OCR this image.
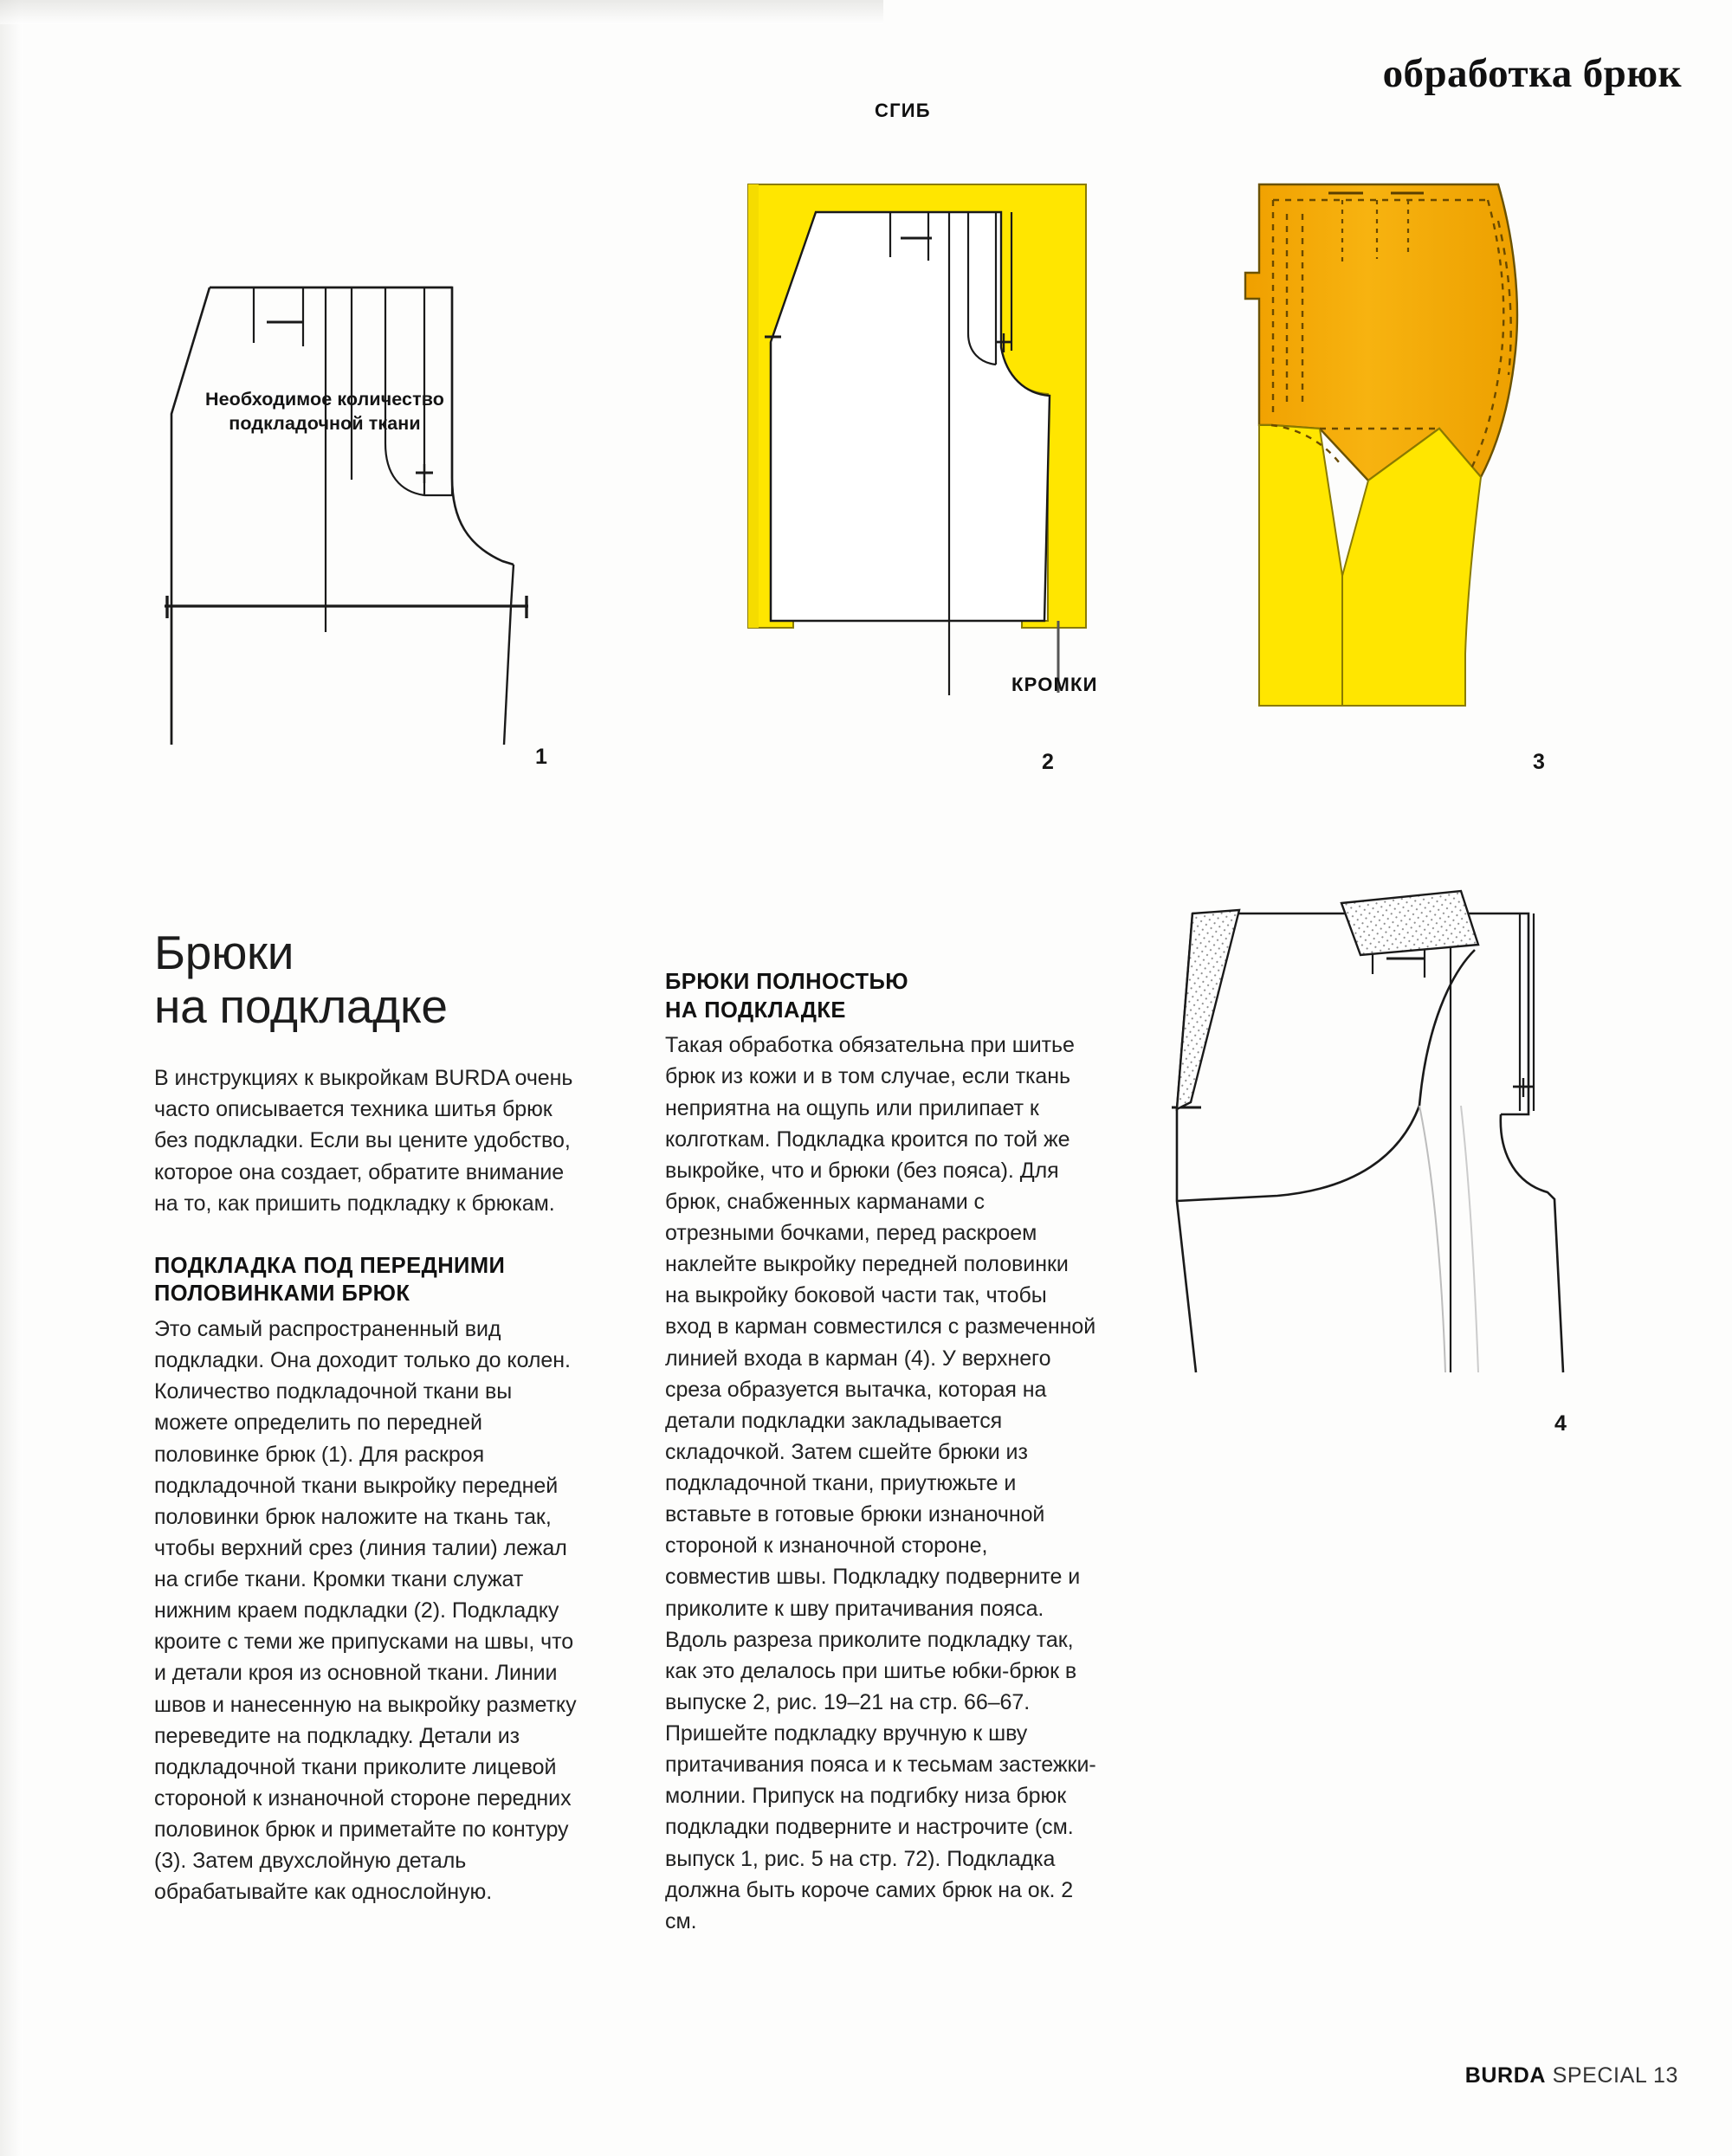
обработка брюк
Необходимое количество
подкладочной ткани
1
СГИБ
КРОМКИ
2	3
4
Брюки
на подкладке

В инструкциях к выкройкам BURDA очень часто описывается техника шитья брюк без подкладки. Если вы цените удобство, которое она создает, обратите внимание на то, как пришить подкладку к брюкам.

ПОДКЛАДКА ПОД ПЕРЕДНИМИ
ПОЛОВИНКАМИ БРЮК

Это самый распространенный вид подкладки. Она доходит только до колен. Количество подкладочной ткани вы можете определить по передней половинке брюк (1). Для раскроя подкладочной ткани выкройку передней половинки брюк наложите на ткань так, чтобы верхний срез (линия талии) лежал на сгибе ткани. Кромки ткани служат нижним краем подкладки (2). Подкладку кроите с теми же припусками на швы, что и детали кроя из основной ткани. Линии швов и нанесенную на выкройку разметку переведите на подкладку. Детали из подкладочной ткани приколите лицевой стороной к изнаночной стороне передних половинок брюк и приметайте по контуру (3). Затем двухслойную деталь обрабатывайте как однослойную.

БРЮКИ ПОЛНОСТЬЮ
НА ПОДКЛАДКЕ

Такая обработка обязательна при шитье брюк из кожи и в том случае, если ткань неприятна на ощупь или прилипает к колготкам. Подкладка кроится по той же выкройке, что и брюки (без пояса). Для брюк, снабженных карманами с отрезными бочками, перед раскроем наклейте выкройку передней половинки на выкройку боковой части так, чтобы вход в карман совместился с размеченной линией входа в карман (4). У верхнего среза образуется вытачка, которая на детали подкладки закладывается складочкой. Затем сшейте брюки из подкладочной ткани, приутюжьте и вставьте в готовые брюки изнаночной стороной к изнаночной стороне, совместив швы. Подкладку подверните и приколите к шву притачивания пояса. Вдоль разреза приколите подкладку так, как это делалось при шитье юбки-брюк в выпуске 2, рис. 19–21 на стр. 66–67. Пришейте подкладку вручную к шву притачивания пояса и к тесьмам застежки-молнии. Припуск на подгибку низа брюк подкладки подверните и настрочите (см. выпуск 1, рис. 5 на стр. 72). Подкладка должна быть короче самих брюк на ок. 2 см.

BURDA SPECIAL 13
